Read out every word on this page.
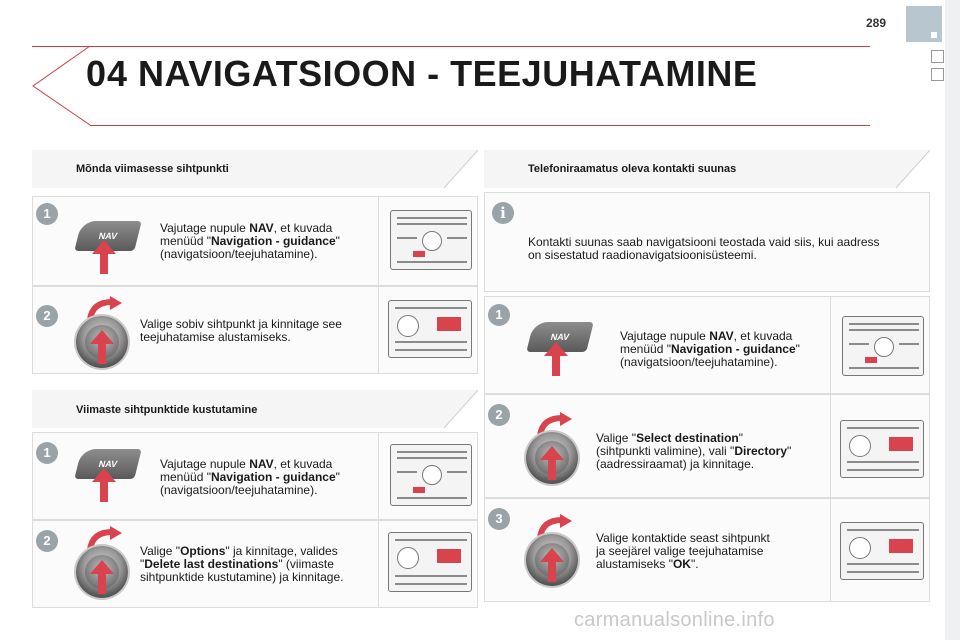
289
04 NAVIGATSIOON - TEEJUHATAMINE
Mõnda viimasesse sihtpunkti
1
NAV
Vajutage nupule NAV, et kuvada
menüüd "Navigation - guidance"
(navigatsioon/teejuhatamine).
2
Valige sobiv sihtpunkt ja kinnitage see
teejuhatamise alustamiseks.
Viimaste sihtpunktide kustutamine
1
NAV	Vajutage nupule NAV, et kuvada
menüüd "Navigation - guidance"
(navigatsioon/teejuhatamine).
2
Valige "Options" ja kinnitage, valides
"Delete last destinations" (viimaste
sihtpunktide kustutamine) ja kinnitage.
Telefoniraamatus oleva kontakti suunas
i
Kontakti suunas saab navigatsiooni teostada vaid siis, kui aadress
on sisestatud raadionavigatsioonisüsteemi.
1
NAV	Vajutage nupule NAV, et kuvada
menüüd "Navigation - guidance"
(navigatsioon/teejuhatamine).
2
Valige "Select destination"
(sihtpunkti valimine), vali "Directory"
(aadressiraamat) ja kinnitage.
3
Valige kontaktide seast sihtpunkt
ja seejärel valige teejuhatamise
alustamiseks "OK".
carmanualsonline.info
